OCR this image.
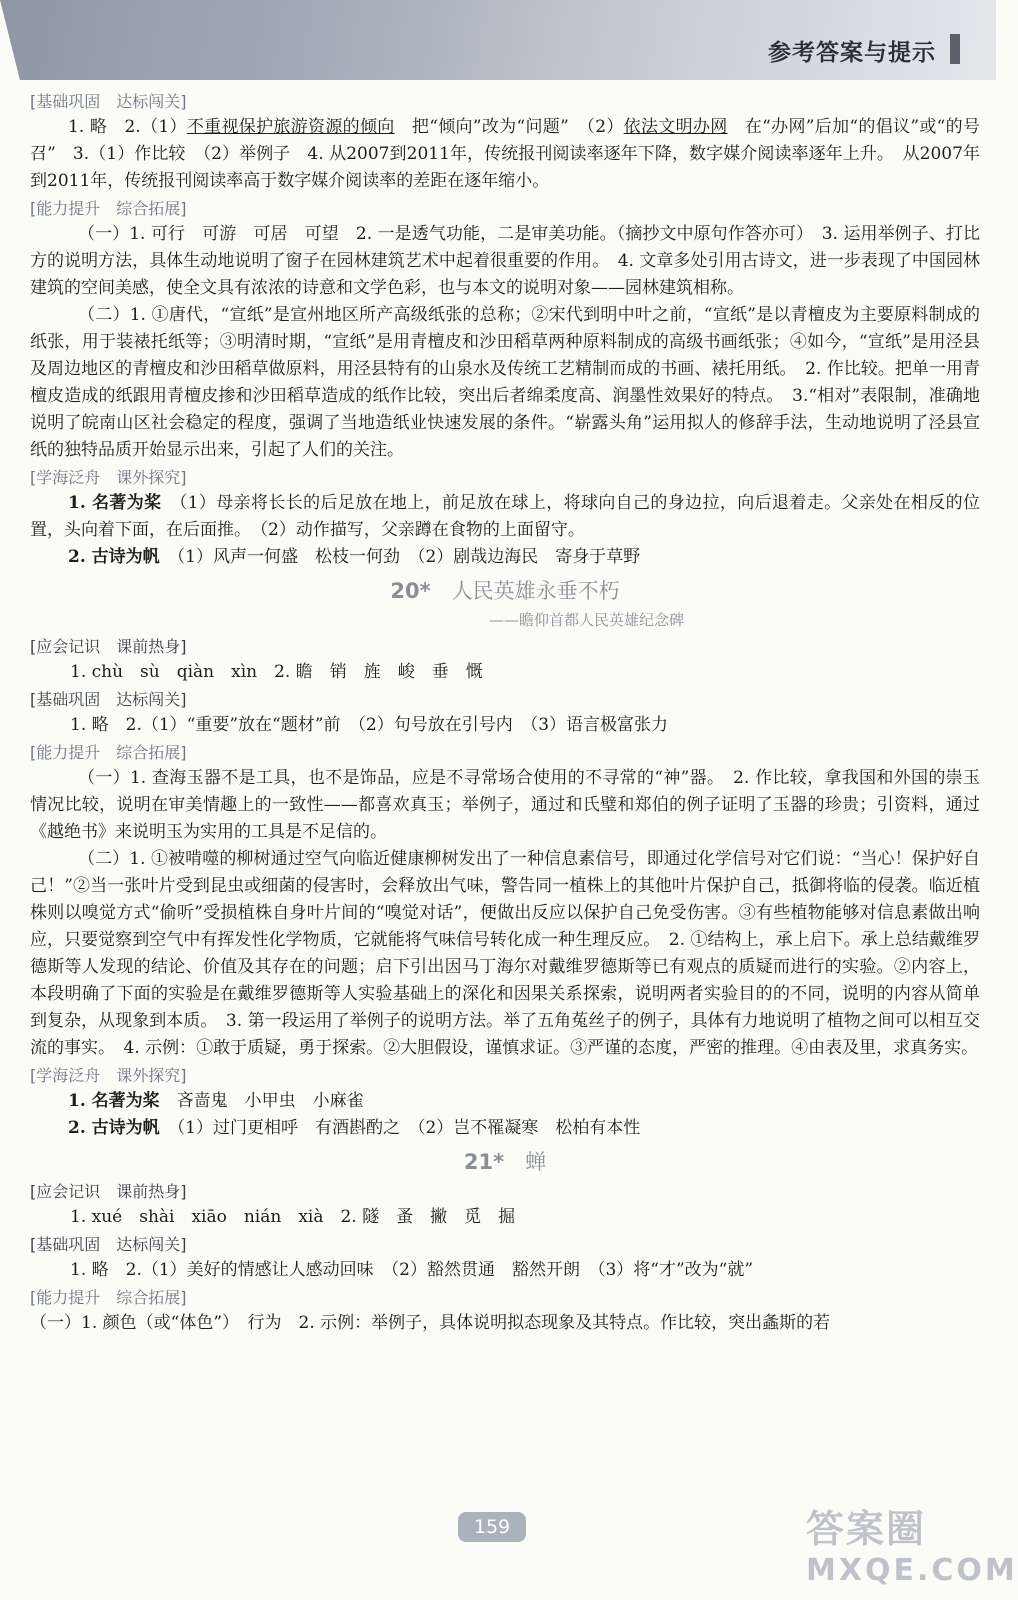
参考答案与提示
[基础巩固　达标闯关]
1. 略　2.（1）不重视保护旅游资源的倾向　把“倾向”改为“问题”　（2）依法文明办网　在“办网”后加“的倡议”或“的号召”　3.（1）作比较　（2）举例子　4. 从2007到2011年，传统报刊阅读率逐年下降，数字媒介阅读率逐年上升。　从2007年到2011年，传统报刊阅读率高于数字媒介阅读率的差距在逐年缩小。
[能力提升　综合拓展]
（一）1. 可行　可游　可居　可望　2. 一是透气功能，二是审美功能。（摘抄文中原句作答亦可）　3. 运用举例子、打比方的说明方法，具体生动地说明了窗子在园林建筑艺术中起着很重要的作用。　4. 文章多处引用古诗文，进一步表现了中国园林建筑的空间美感，使全文具有浓浓的诗意和文学色彩，也与本文的说明对象——园林建筑相称。
（二）1. ①唐代，“宣纸”是宣州地区所产高级纸张的总称；②宋代到明中叶之前，“宣纸”是以青檀皮为主要原料制成的纸张，用于装裱托纸等；③明清时期，“宣纸”是用青檀皮和沙田稻草两种原料制成的高级书画纸张；④如今，“宣纸”是用泾县及周边地区的青檀皮和沙田稻草做原料，用泾县特有的山泉水及传统工艺精制而成的书画、裱托用纸。　2. 作比较。把单一用青檀皮造成的纸跟用青檀皮掺和沙田稻草造成的纸作比较，突出后者绵柔度高、润墨性效果好的特点。　3.“相对”表限制，准确地说明了皖南山区社会稳定的程度，强调了当地造纸业快速发展的条件。“崭露头角”运用拟人的修辞手法，生动地说明了泾县宣纸的独特品质开始显示出来，引起了人们的关注。
[学海泛舟　课外探究]
1. 名著为桨　（1）母亲将长长的后足放在地上，前足放在球上，将球向自己的身边拉，向后退着走。父亲处在相反的位置，头向着下面，在后面推。　（2）动作描写，父亲蹲在食物的上面留守。
2. 古诗为帆　（1）风声一何盛　松枝一何劲　（2）剧哉边海民　寄身于草野
20*　 人民英雄永垂不朽
——瞻仰首都人民英雄纪念碑
[应会记识　课前热身]
1. chù　sù　qiàn　xìn　2. 瞻　销　旌　峻　垂　慨
[基础巩固　达标闯关]
1. 略　2.（1）“重要”放在“题材”前　（2）句号放在引号内　（3）语言极富张力
[能力提升　综合拓展]
（一）1. 查海玉器不是工具，也不是饰品，应是不寻常场合使用的不寻常的“神”器。　2. 作比较，拿我国和外国的崇玉情况比较，说明在审美情趣上的一致性——都喜欢真玉；举例子，通过和氏璧和郑伯的例子证明了玉器的珍贵；引资料，通过《越绝书》来说明玉为实用的工具是不足信的。
（二）1. ①被啃噬的柳树通过空气向临近健康柳树发出了一种信息素信号，即通过化学信号对它们说：“当心！保护好自己！”②当一张叶片受到昆虫或细菌的侵害时，会释放出气味，警告同一植株上的其他叶片保护自己，抵御将临的侵袭。临近植株则以嗅觉方式“偷听”受损植株自身叶片间的“嗅觉对话”，便做出反应以保护自己免受伤害。③有些植物能够对信息素做出响应，只要觉察到空气中有挥发性化学物质，它就能将气味信号转化成一种生理反应。　2. ①结构上，承上启下。承上总结戴维罗德斯等人发现的结论、价值及其存在的问题；启下引出因马丁海尔对戴维罗德斯等已有观点的质疑而进行的实验。②内容上，本段明确了下面的实验是在戴维罗德斯等人实验基础上的深化和因果关系探索，说明两者实验目的的不同，说明的内容从简单到复杂，从现象到本质。　3. 第一段运用了举例子的说明方法。举了五角菟丝子的例子，具体有力地说明了植物之间可以相互交流的事实。　4. 示例：①敢于质疑，勇于探索。②大胆假设，谨慎求证。③严谨的态度，严密的推理。④由表及里，求真务实。
[学海泛舟　课外探究]
1. 名著为桨　吝啬鬼　小甲虫　小麻雀
2. 古诗为帆　（1）过门更相呼　有酒斟酌之　（2）岂不罹凝寒　松柏有本性
21*　 蝉
[应会记识　课前热身]
1. xué　shài　xiāo　nián　xià　2. 隧　蚤　撇　觅　掘
[基础巩固　达标闯关]
1. 略　2.（1）美好的情感让人感动回味　（2）豁然贯通　豁然开朗　（3）将“才”改为“就”
[能力提升　综合拓展]
（一）1. 颜色（或“体色”）　行为　2. 示例：举例子，具体说明拟态现象及其特点。作比较，突出螽斯的若
159	答案圈
MXQE.COM
